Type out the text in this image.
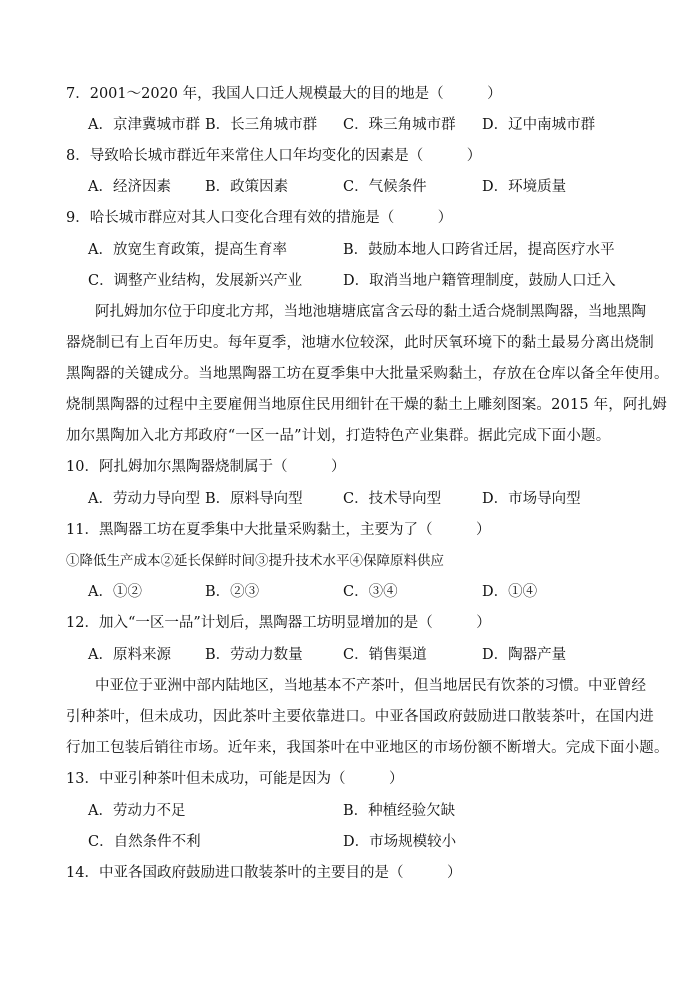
7．2001～2020 年，我国人口迁人规模最大的目的地是（　　　）
A．京津冀城市群 B．长三角城市群 C．珠三角城市群 D．辽中南城市群
8．导致哈长城市群近年来常住人口年均变化的因素是（　　　）
A．经济因素 B．政策因素	C．气候条件	D．环境质量
9．哈长城市群应对其人口变化合理有效的措施是（　　　）
A．放宽生育政策，提高生育率	B．鼓励本地人口跨省迁居，提高医疗水平
C．调整产业结构，发展新兴产业	D．取消当地户籍管理制度，鼓励人口迁入
阿扎姆加尔位于印度北方邦，当地池塘塘底富含云母的黏土适合烧制黑陶器，当地黑陶
器烧制已有上百年历史。每年夏季，池塘水位较深，此时厌氧环境下的黏土最易分离出烧制
黑陶器的关键成分。当地黑陶器工坊在夏季集中大批量采购黏土，存放在仓库以备全年使用。
烧制黑陶器的过程中主要雇佣当地原住民用细针在干燥的黏土上雕刻图案。2015 年，阿扎姆
加尔黑陶加入北方邦政府“一区一品”计划，打造特色产业集群。据此完成下面小题。
10．阿扎姆加尔黑陶器烧制属于（　　　）
A．劳动力导向型 B．原料导向型	C．技术导向型	D．市场导向型
11．黑陶器工坊在夏季集中大批量采购黏土，主要为了（　　　）
①降低生产成本②延长保鲜时间③提升技术水平④保障原料供应
A．①②	B．②③	C．③④	D．①④
12．加入“一区一品”计划后，黑陶器工坊明显增加的是（　　　）
A．原料来源 B．劳动力数量	C．销售渠道	D．陶器产量
中亚位于亚洲中部内陆地区，当地基本不产茶叶，但当地居民有饮茶的习惯。中亚曾经
引种茶叶，但未成功，因此茶叶主要依靠进口。中亚各国政府鼓励进口散装茶叶，在国内进
行加工包装后销往市场。近年来，我国茶叶在中亚地区的市场份额不断增大。完成下面小题。
13．中亚引种茶叶但未成功，可能是因为（　　　）
A．劳动力不足	B．种植经验欠缺
C．自然条件不利	D．市场规模较小
14．中亚各国政府鼓励进口散装茶叶的主要目的是（　　　）
